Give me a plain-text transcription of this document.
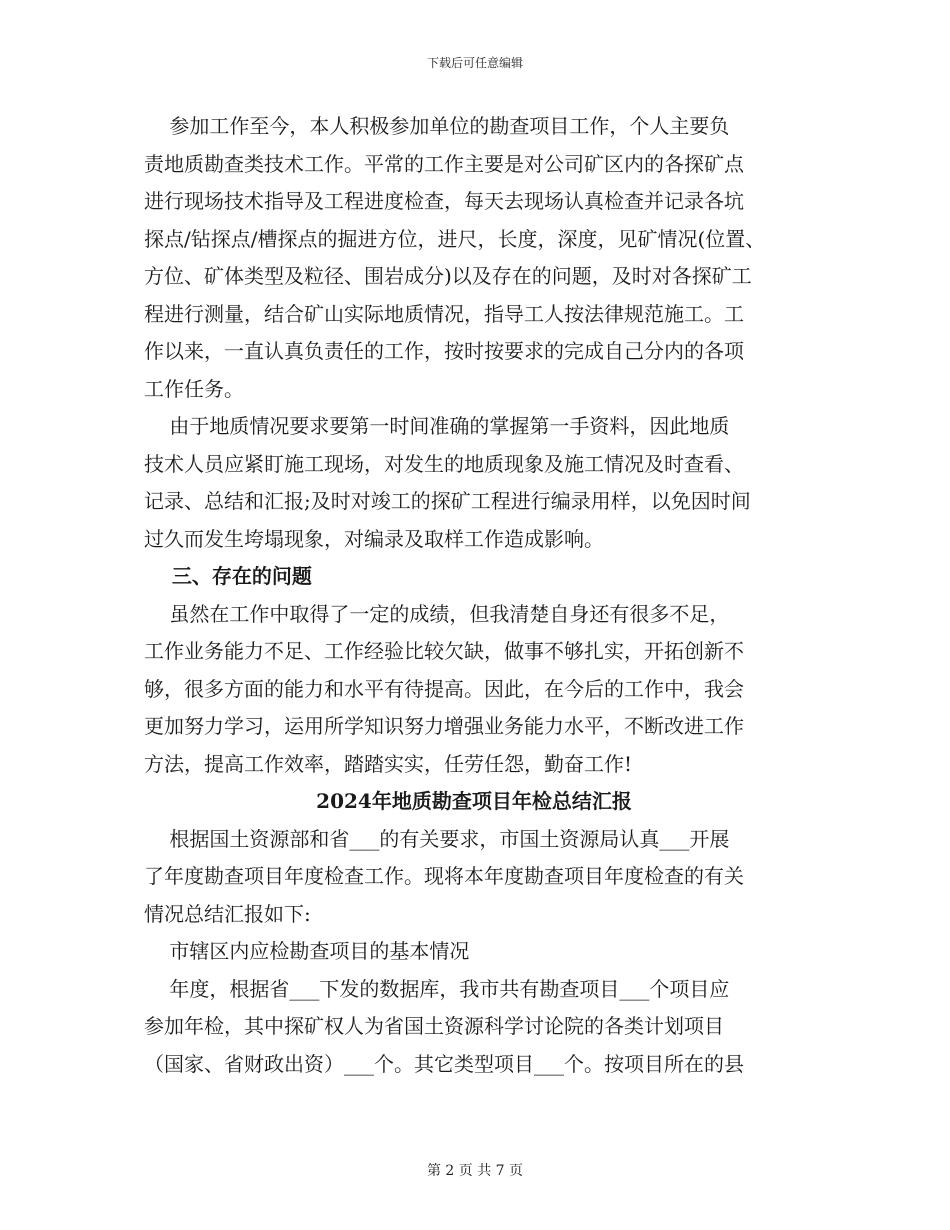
下载后可任意编辑
参加工作至今，本人积极参加单位的勘查项目工作，个人主要负
责地质勘查类技术工作。平常的工作主要是对公司矿区内的各探矿点
进行现场技术指导及工程进度检查，每天去现场认真检查并记录各坑
探点/钻探点/槽探点的掘进方位，进尺，长度，深度，见矿情况(位置、
方位、矿体类型及粒径、围岩成分)以及存在的问题，及时对各探矿工
程进行测量，结合矿山实际地质情况，指导工人按法律规范施工。工
作以来，一直认真负责任的工作，按时按要求的完成自己分内的各项
工作任务。
由于地质情况要求要第一时间准确的掌握第一手资料，因此地质
技术人员应紧盯施工现场，对发生的地质现象及施工情况及时查看、
记录、总结和汇报;及时对竣工的探矿工程进行编录用样，以免因时间
过久而发生垮塌现象，对编录及取样工作造成影响。
三、存在的问题
虽然在工作中取得了一定的成绩，但我清楚自身还有很多不足，
工作业务能力不足、工作经验比较欠缺，做事不够扎实，开拓创新不
够，很多方面的能力和水平有待提高。因此，在今后的工作中，我会
更加努力学习，运用所学知识努力增强业务能力水平，不断改进工作
方法，提高工作效率，踏踏实实，任劳任怨，勤奋工作!
2024年地质勘查项目年检总结汇报
根据国土资源部和省___的有关要求，市国土资源局认真___开展
了年度勘查项目年度检查工作。现将本年度勘查项目年度检查的有关
情况总结汇报如下:
市辖区内应检勘查项目的基本情况
年度，根据省___下发的数据库，我市共有勘查项目___个项目应
参加年检，其中探矿权人为省国土资源科学讨论院的各类计划项目
（国家、省财政出资）___个。其它类型项目___个。按项目所在的县
第 2 页 共 7 页
